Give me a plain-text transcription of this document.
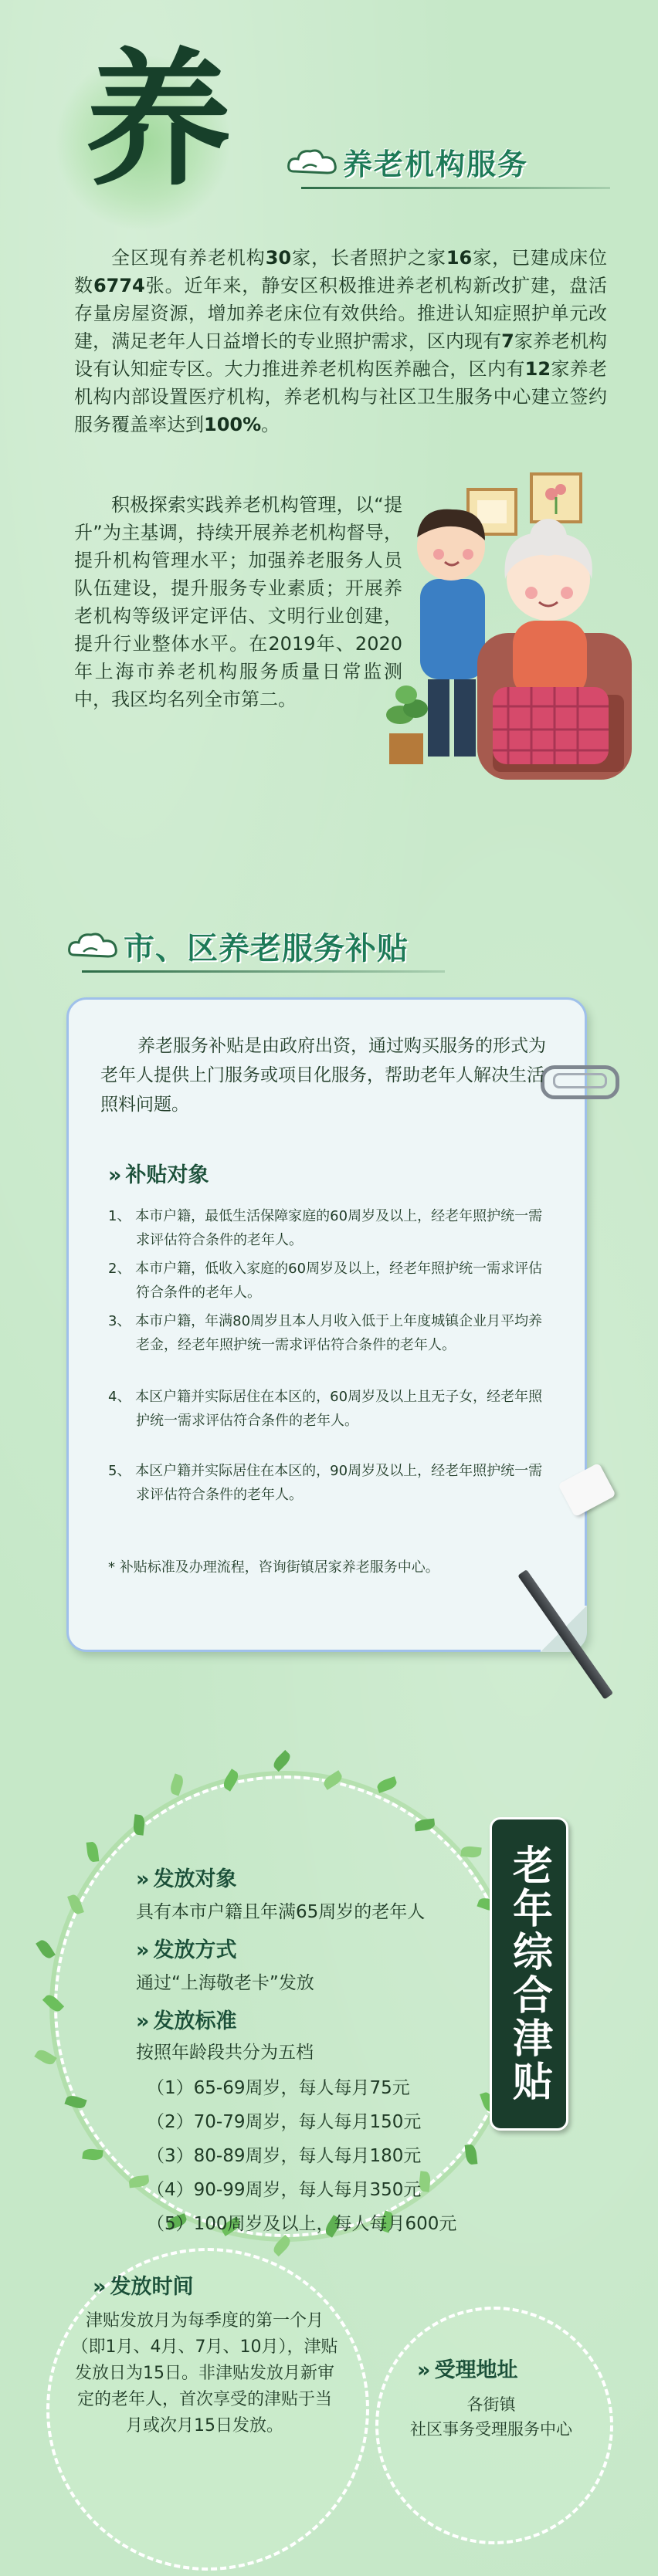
养	养老机构服务

全区现有养老机构30家，长者照护之家16家，已建成床位数6774张。近年来，静安区积极推进养老机构新改扩建，盘活存量房屋资源，增加养老床位有效供给。推进认知症照护单元改建，满足老年人日益增长的专业照护需求，区内现有7家养老机构设有认知症专区。大力推进养老机构医养融合，区内有12家养老机构内部设置医疗机构，养老机构与社区卫生服务中心建立签约服务覆盖率达到100%。

积极探索实践养老机构管理，以“提升”为主基调，持续开展养老机构督导，提升机构管理水平；加强养老服务人员队伍建设，提升服务专业素质；开展养老机构等级评定评估、文明行业创建，提升行业整体水平。在2019年、2020年上海市养老机构服务质量日常监测中，我区均名列全市第二。

市、区养老服务补贴

养老服务补贴是由政府出资，通过购买服务的形式为老年人提供上门服务或项目化服务，帮助老年人解决生活照料问题。

» 补贴对象
1、 本市户籍，最低生活保障家庭的60周岁及以上，经老年照护统一需求评估符合条件的老年人。
2、 本市户籍，低收入家庭的60周岁及以上，经老年照护统一需求评估符合条件的老年人。
3、 本市户籍，年满80周岁且本人月收入低于上年度城镇企业月平均养老金，经老年照护统一需求评估符合条件的老年人。
4、 本区户籍并实际居住在本区的，60周岁及以上且无子女，经老年照护统一需求评估符合条件的老年人。
5、 本区户籍并实际居住在本区的，90周岁及以上，经老年照护统一需求评估符合条件的老年人。
* 补贴标准及办理流程，咨询街镇居家养老服务中心。
老年综合津贴
» 发放对象
具有本市户籍且年满65周岁的老年人
» 发放方式
通过“上海敬老卡”发放
» 发放标准
按照年龄段共分为五档
（1）65-69周岁，每人每月75元
（2）70-79周岁，每人每月150元
（3）80-89周岁，每人每月180元
（4）90-99周岁，每人每月350元
（5）100周岁及以上，每人每月600元
» 发放时间
津贴发放月为每季度的第一个月（即1月、4月、7月、10月），津贴发放日为15日。非津贴发放月新审定的老年人，首次享受的津贴于当月或次月15日发放。
» 受理地址
各街镇
社区事务受理服务中心
